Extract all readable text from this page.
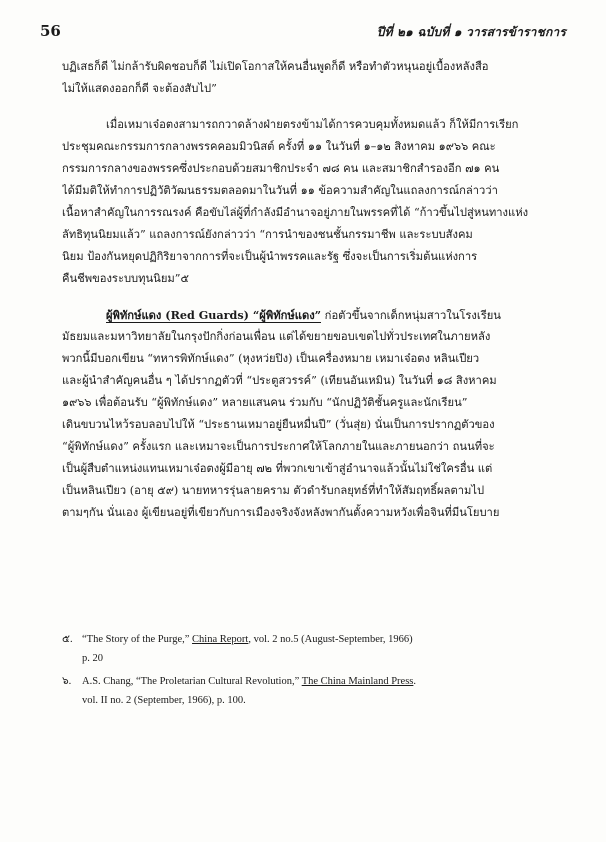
56	ปีที่ ๒๑ ฉบับที่ ๑ วารสารข้าราชการ
บฏิเสธก็ดี ไม่กล้ารับผิดชอบก็ดี ไม่เปิดโอกาสให้คนอื่นพูดก็ดี หรือทำตัวหนุนอยู่เบื้องหลังสือ
ไม่ให้แสดงออกก็ดี จะต้องสับไป”
เมื่อเหมาเจ๋อตงสามารถกวาดล้างฝ่ายตรงข้ามได้การควบคุมทั้งหมดแล้ว ก็ให้มีการเรียก
ประชุมคณะกรรมการกลางพรรคคอมมิวนิสต์ ครั้งที่ ๑๑ ในวันที่ ๑–๑๒ สิงหาคม ๑๙๖๖ คณะ
กรรมการกลางของพรรคซึ่งประกอบด้วยสมาชิกประจำ ๗๘ คน และสมาชิกสำรองอีก ๗๑ คน
ได้มีมติให้ทำการปฏิวัติวัฒนธรรมตลอดมาในวันที่ ๑๑ ข้อความสำคัญในแถลงการณ์กล่าวว่า
เนื้อหาสำคัญในการรณรงค์ คือขับไล่ผู้ที่กำลังมีอำนาจอยู่ภายในพรรคที่ได้ “ก้าวขึ้นไปสู่หนทางแห่ง
ลัทธิทุนนิยมแล้ว” แถลงการณ์ยังกล่าวว่า “การนำของชนชั้นกรรมาชีพ และระบบสังคม
นิยม ป้องกันหยุดปฏิกิริยาจากการที่จะเป็นผู้นำพรรคและรัฐ ซึ่งจะเป็นการเริ่มต้นแห่งการ
คืนชีพของระบบทุนนิยม”๕
ผู้พิทักษ์แดง (Red Guards) “ผู้พิทักษ์แดง” ก่อตัวขึ้นจากเด็กหนุ่มสาวในโรงเรียน
มัธยมและมหาวิทยาลัยในกรุงปักกิ่งก่อนเพื่อน แต่ได้ขยายขอบเขตไปทั่วประเทศในภายหลัง
พวกนี้มีบอกเขียน “ทหารพิทักษ์แดง” (หุงหว่ยปิง) เป็นเครื่องหมาย เหมาเจ๋อตง หลินเปียว
และผู้นำสำคัญคนอื่น ๆ ได้ปรากฏตัวที่ “ประตูสวรรค์” (เทียนอันเหมิน) ในวันที่ ๑๘ สิงหาคม
๑๙๖๖ เพื่อต้อนรับ “ผู้พิทักษ์แดง” หลายแสนคน ร่วมกับ “นักปฏิวัติชั้นครูและนักเรียน”
เดินขบวนไหว้รอบลอบไปให้ “ประธานเหมาอยู่ยืนหมื่นปี” (วั่นสุ่ย) นั่นเป็นการปรากฏตัวของ
“ผู้พิทักษ์แดง” ครั้งแรก และเหมาจะเป็นการประกาศให้โลกภายในและภายนอกว่า ถนนที่จะ
เป็นผู้สืบตำแหน่งแทนเหมาเจ๋อตงผู้มีอายุ ๗๒ ที่พวกเขาเข้าสู่อำนาจแล้วนั้นไม่ใช่ใครอื่น แต่
เป็นหลินเปียว (อายุ ๕๙) นายทหารรุ่นลายคราม ตัวดำรับกลยุทธ์ที่ทำให้สัมฤทธิ์ผลตามไป
ตามๆกัน นั่นเอง ผู้เขียนอยู่ที่เขียวกับการเมืองจริงจังหลังพากันตั้งความหวังเพื่อจินที่มีนโยบาย
๕. “The Story of the Purge,” China Report, vol. 2 no.5 (August-September, 1966)
p. 20
๖. A.S. Chang, “The Proletarian Cultural Revolution,” The China Mainland Press.
vol. II no. 2 (September, 1966), p. 100.
